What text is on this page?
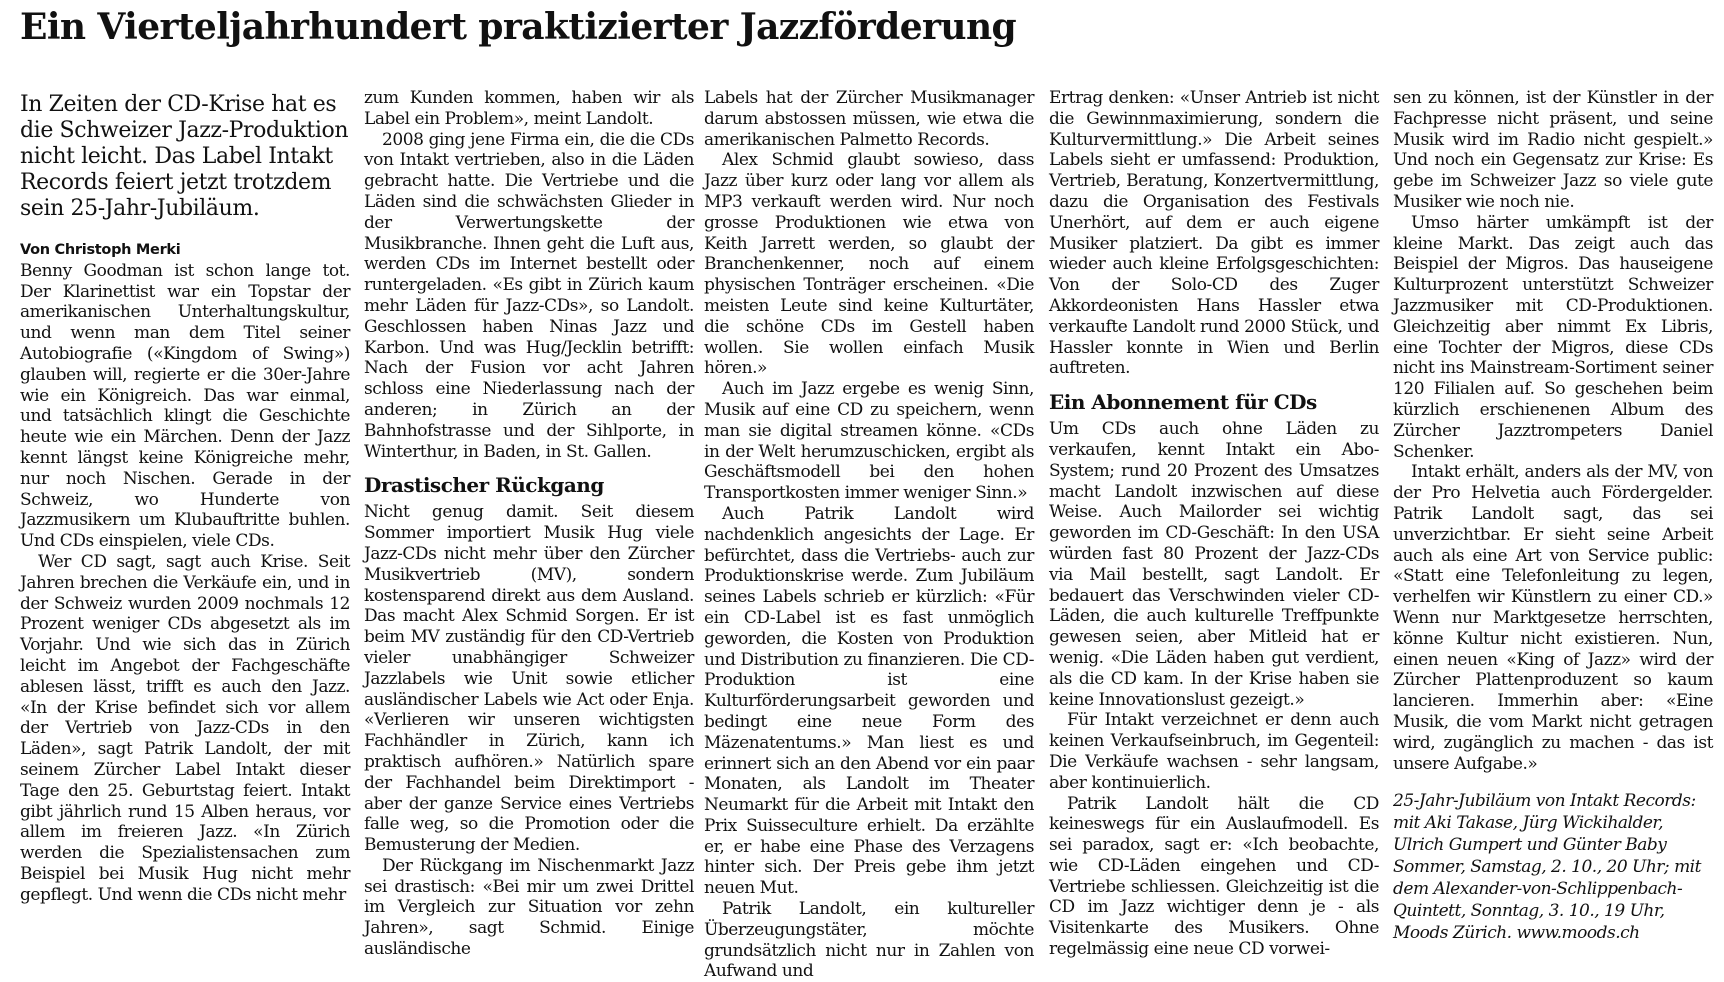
Ein Vierteljahrhundert praktizierter Jazzförderung

In Zeiten der CD-Krise hat es die Schweizer Jazz-Produktion nicht leicht. Das Label Intakt Records feiert jetzt trotzdem sein 25-Jahr-Jubiläum.

Von Christoph Merki

Benny Goodman ist schon lange tot. Der Klarinettist war ein Topstar der amerikanischen Unterhaltungskultur, und wenn man dem Titel seiner Autobiografie («Kingdom of Swing») glauben will, regierte er die 30er-Jahre wie ein Königreich. Das war einmal, und tatsächlich klingt die Geschichte heute wie ein Märchen. Denn der Jazz kennt längst keine Königreiche mehr, nur noch Nischen. Gerade in der Schweiz, wo Hunderte von Jazzmusikern um Klubauftritte buhlen. Und CDs einspielen, viele CDs.

Wer CD sagt, sagt auch Krise. Seit Jahren brechen die Verkäufe ein, und in der Schweiz wurden 2009 nochmals 12 Prozent weniger CDs abgesetzt als im Vorjahr. Und wie sich das in Zürich leicht im Angebot der Fachgeschäfte ablesen lässt, trifft es auch den Jazz. «In der Krise befindet sich vor allem der Vertrieb von Jazz-CDs in den Läden», sagt Patrik Landolt, der mit seinem Zürcher Label Intakt dieser Tage den 25. Geburtstag feiert. Intakt gibt jährlich rund 15 Alben heraus, vor allem im freieren Jazz. «In Zürich werden die Spezialistensachen zum Beispiel bei Musik Hug nicht mehr gepflegt. Und wenn die CDs nicht mehr

zum Kunden kommen, haben wir als Label ein Problem», meint Landolt.

2008 ging jene Firma ein, die die CDs von Intakt vertrieben, also in die Läden gebracht hatte. Die Vertriebe und die Läden sind die schwächsten Glieder in der Verwertungskette der Musikbranche. Ihnen geht die Luft aus, werden CDs im Internet bestellt oder runtergeladen. «Es gibt in Zürich kaum mehr Läden für Jazz-CDs», so Landolt. Geschlossen haben Ninas Jazz und Karbon. Und was Hug/Jecklin betrifft: Nach der Fusion vor acht Jahren schloss eine Niederlassung nach der anderen; in Zürich an der Bahnhofstrasse und der Sihlporte, in Winterthur, in Baden, in St. Gallen.

Drastischer Rückgang

Nicht genug damit. Seit diesem Sommer importiert Musik Hug viele Jazz-CDs nicht mehr über den Zürcher Musikvertrieb (MV), sondern kostensparend direkt aus dem Ausland. Das macht Alex Schmid Sorgen. Er ist beim MV zuständig für den CD-Vertrieb vieler unabhängiger Schweizer Jazzlabels wie Unit sowie etlicher ausländischer Labels wie Act oder Enja. «Verlieren wir unseren wichtigsten Fachhändler in Zürich, kann ich praktisch aufhören.» Natürlich spare der Fachhandel beim Direktimport - aber der ganze Service eines Vertriebs falle weg, so die Promotion oder die Bemusterung der Medien.

Der Rückgang im Nischenmarkt Jazz sei drastisch: «Bei mir um zwei Drittel im Vergleich zur Situation vor zehn Jahren», sagt Schmid. Einige ausländische

Labels hat der Zürcher Musikmanager darum abstossen müssen, wie etwa die amerikanischen Palmetto Records.

Alex Schmid glaubt sowieso, dass Jazz über kurz oder lang vor allem als MP3 verkauft werden wird. Nur noch grosse Produktionen wie etwa von Keith Jarrett werden, so glaubt der Branchenkenner, noch auf einem physischen Tonträger erscheinen. «Die meisten Leute sind keine Kulturtäter, die schöne CDs im Gestell haben wollen. Sie wollen einfach Musik hören.»

Auch im Jazz ergebe es wenig Sinn, Musik auf eine CD zu speichern, wenn man sie digital streamen könne. «CDs in der Welt herumzuschicken, ergibt als Geschäftsmodell bei den hohen Transportkosten immer weniger Sinn.»

Auch Patrik Landolt wird nachdenklich angesichts der Lage. Er befürchtet, dass die Vertriebs- auch zur Produktionskrise werde. Zum Jubiläum seines Labels schrieb er kürzlich: «Für ein CD-Label ist es fast unmöglich geworden, die Kosten von Produktion und Distribution zu finanzieren. Die CD-Produktion ist eine Kulturförderungsarbeit geworden und bedingt eine neue Form des Mäzenatentums.» Man liest es und erinnert sich an den Abend vor ein paar Monaten, als Landolt im Theater Neumarkt für die Arbeit mit Intakt den Prix Suisseculture erhielt. Da erzählte er, er habe eine Phase des Verzagens hinter sich. Der Preis gebe ihm jetzt neuen Mut.

Patrik Landolt, ein kultureller Überzeugungstäter, möchte grundsätzlich nicht nur in Zahlen von Aufwand und

Ertrag denken: «Unser Antrieb ist nicht die Gewinnmaximierung, sondern die Kulturvermittlung.» Die Arbeit seines Labels sieht er umfassend: Produktion, Vertrieb, Beratung, Konzertvermittlung, dazu die Organisation des Festivals Unerhört, auf dem er auch eigene Musiker platziert. Da gibt es immer wieder auch kleine Erfolgsgeschichten: Von der Solo-CD des Zuger Akkordeonisten Hans Hassler etwa verkaufte Landolt rund 2000 Stück, und Hassler konnte in Wien und Berlin auftreten.

Ein Abonnement für CDs

Um CDs auch ohne Läden zu verkaufen, kennt Intakt ein Abo-System; rund 20 Prozent des Umsatzes macht Landolt inzwischen auf diese Weise. Auch Mailorder sei wichtig geworden im CD-Geschäft: In den USA würden fast 80 Prozent der Jazz-CDs via Mail bestellt, sagt Landolt. Er bedauert das Verschwinden vieler CD-Läden, die auch kulturelle Treffpunkte gewesen seien, aber Mitleid hat er wenig. «Die Läden haben gut verdient, als die CD kam. In der Krise haben sie keine Innovationslust gezeigt.»

Für Intakt verzeichnet er denn auch keinen Verkaufseinbruch, im Gegenteil: Die Verkäufe wachsen - sehr langsam, aber kontinuierlich.

Patrik Landolt hält die CD keineswegs für ein Auslaufmodell. Es sei paradox, sagt er: «Ich beobachte, wie CD-Läden eingehen und CD-Vertriebe schliessen. Gleichzeitig ist die CD im Jazz wichtiger denn je - als Visitenkarte des Musikers. Ohne regelmässig eine neue CD vorwei-

sen zu können, ist der Künstler in der Fachpresse nicht präsent, und seine Musik wird im Radio nicht gespielt.» Und noch ein Gegensatz zur Krise: Es gebe im Schweizer Jazz so viele gute Musiker wie noch nie.

Umso härter umkämpft ist der kleine Markt. Das zeigt auch das Beispiel der Migros. Das hauseigene Kulturprozent unterstützt Schweizer Jazzmusiker mit CD-Produktionen. Gleichzeitig aber nimmt Ex Libris, eine Tochter der Migros, diese CDs nicht ins Mainstream-Sortiment seiner 120 Filialen auf. So geschehen beim kürzlich erschienenen Album des Zürcher Jazztrompeters Daniel Schenker.

Intakt erhält, anders als der MV, von der Pro Helvetia auch Fördergelder. Patrik Landolt sagt, das sei unverzichtbar. Er sieht seine Arbeit auch als eine Art von Service public: «Statt eine Telefonleitung zu legen, verhelfen wir Künstlern zu einer CD.» Wenn nur Marktgesetze herrschten, könne Kultur nicht existieren. Nun, einen neuen «King of Jazz» wird der Zürcher Plattenproduzent so kaum lancieren. Immerhin aber: «Eine Musik, die vom Markt nicht getragen wird, zugänglich zu machen - das ist unsere Aufgabe.»

25-Jahr-Jubiläum von Intakt Records: mit Aki Takase, Jürg Wickihalder, Ulrich Gumpert und Günter Baby Sommer, Samstag, 2. 10., 20 Uhr; mit dem Alexander-von-Schlippenbach-Quintett, Sonntag, 3. 10., 19 Uhr, Moods Zürich. www.moods.ch
